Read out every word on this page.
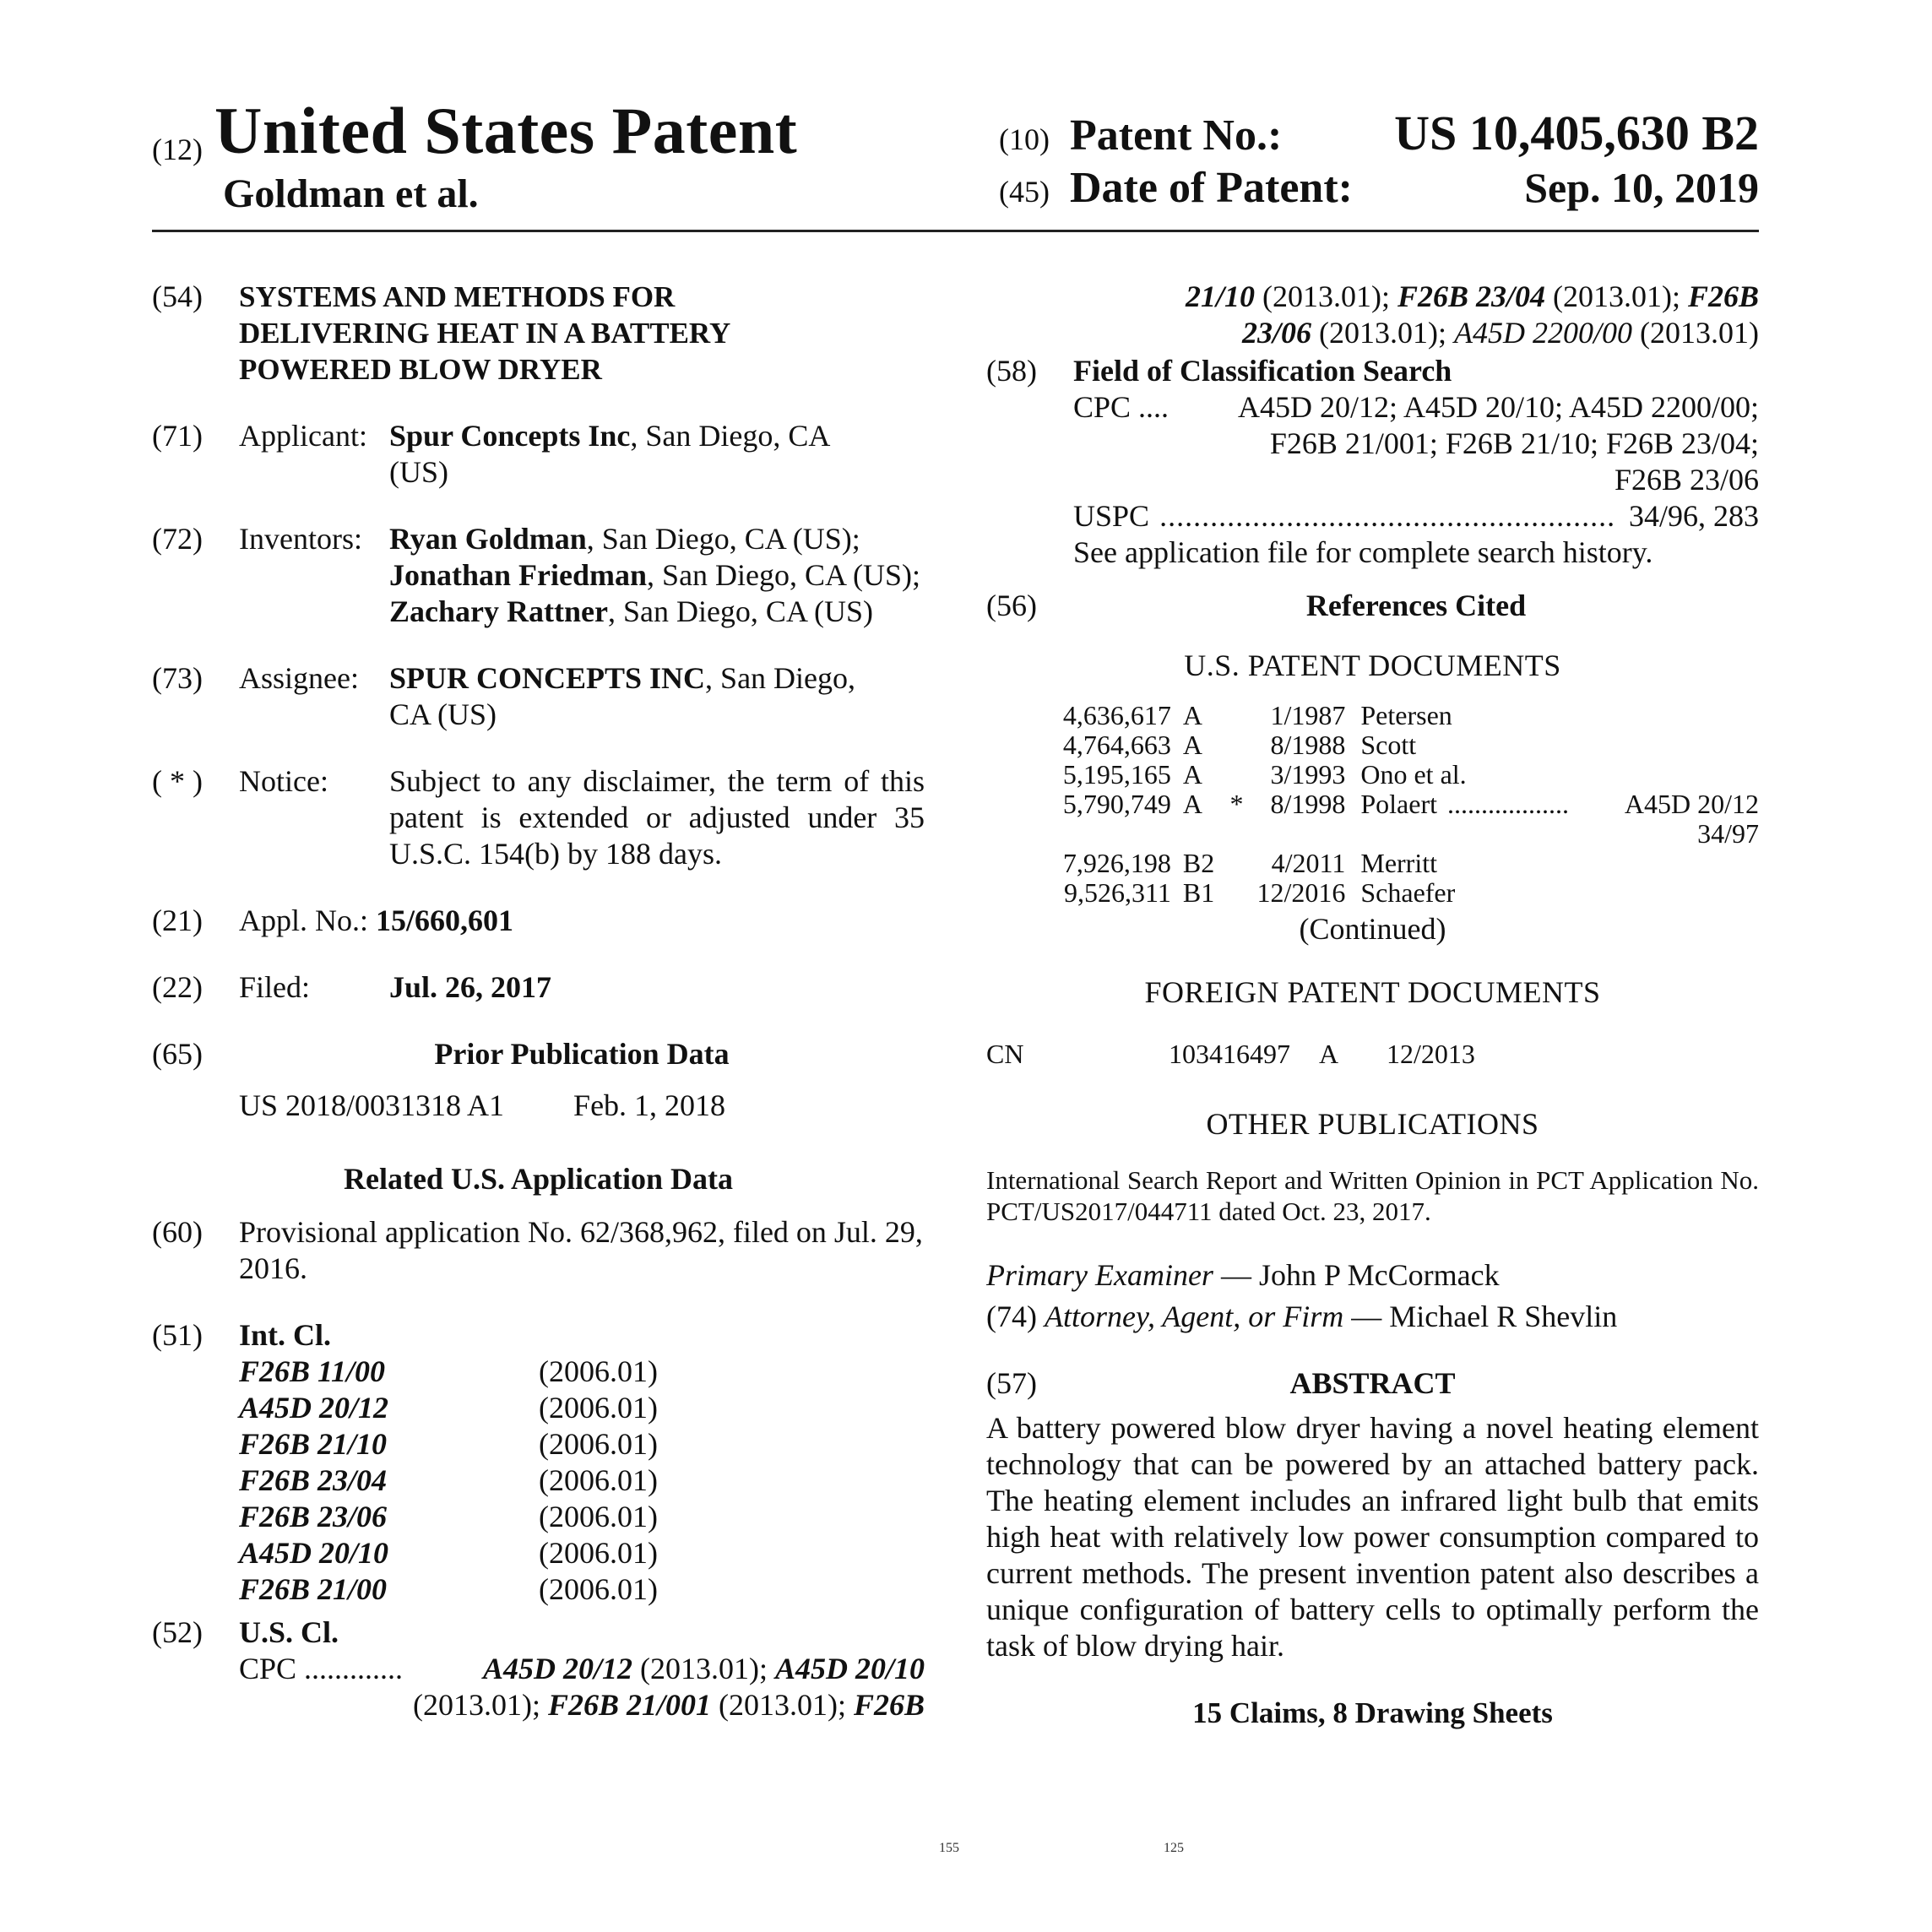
(12) United States Patent
Goldman et al.
(10) Patent No.: US 10,405,630 B2
(45) Date of Patent:	Sep. 10, 2019
(54) SYSTEMS AND METHODS FOR DELIVERING HEAT IN A BATTERY POWERED BLOW DRYER
(71) Applicant: Spur Concepts Inc, San Diego, CA (US)
(72) Inventors: Ryan Goldman, San Diego, CA (US); Jonathan Friedman, San Diego, CA (US); Zachary Rattner, San Diego, CA (US)
(73) Assignee:	SPUR CONCEPTS INC, San Diego, CA (US)
( * ) Notice:	Subject to any disclaimer, the term of this patent is extended or adjusted under 35 U.S.C. 154(b) by 188 days.
(21) Appl. No.: 15/660,601
(22) Filed:	Jul. 26, 2017
(65)	Prior Publication Data
US 2018/0031318 A1 Feb. 1, 2018
Related U.S. Application Data
(60) Provisional application No. 62/368,962, filed on Jul. 29, 2016.
(51) Int. Cl.
F26B 11/00	(2006.01)
A45D 20/12	(2006.01)
F26B 21/10	(2006.01)
F26B 23/04	(2006.01)
F26B 23/06	(2006.01)
A45D 20/10	(2006.01)
F26B 21/00	(2006.01)
(52) U.S. Cl.
CPC .............	A45D 20/12 (2013.01); A45D 20/10
(2013.01); F26B 21/001 (2013.01); F26B
21/10 (2013.01); F26B 23/04 (2013.01); F26B
23/06 (2013.01); A45D 2200/00 (2013.01)
(58) Field of Classification Search
CPC ....	A45D 20/12; A45D 20/10; A45D 2200/00;
F26B 21/001; F26B 21/10; F26B 23/04;
F26B 23/06
USPC ...................................................... 34/96, 283
See application file for complete search history.
(56)	References Cited
U.S. PATENT DOCUMENTS
4,636,617	A		1/1987	Petersen	
4,764,663	A		8/1988	Scott	
5,195,165	A		3/1993	Ono et al.	
5,790,749	A	*	8/1998	Polaert ..................	A45D 20/12
					34/97
7,926,198	B2		4/2011	Merritt	
9,526,311	B1		12/2016	Schaefer	
(Continued)
FOREIGN PATENT DOCUMENTS
CN	103416497	A	12/2013
OTHER PUBLICATIONS
International Search Report and Written Opinion in PCT Application No. PCT/US2017/044711 dated Oct. 23, 2017.
Primary Examiner — John P McCormack
(74) Attorney, Agent, or Firm — Michael R Shevlin
(57)	ABSTRACT
A battery powered blow dryer having a novel heating element technology that can be powered by an attached battery pack. The heating element includes an infrared light bulb that emits high heat with relatively low power consumption compared to current methods. The present invention patent also describes a unique configuration of battery cells to optimally perform the task of blow drying hair.
15 Claims, 8 Drawing Sheets
155	125
